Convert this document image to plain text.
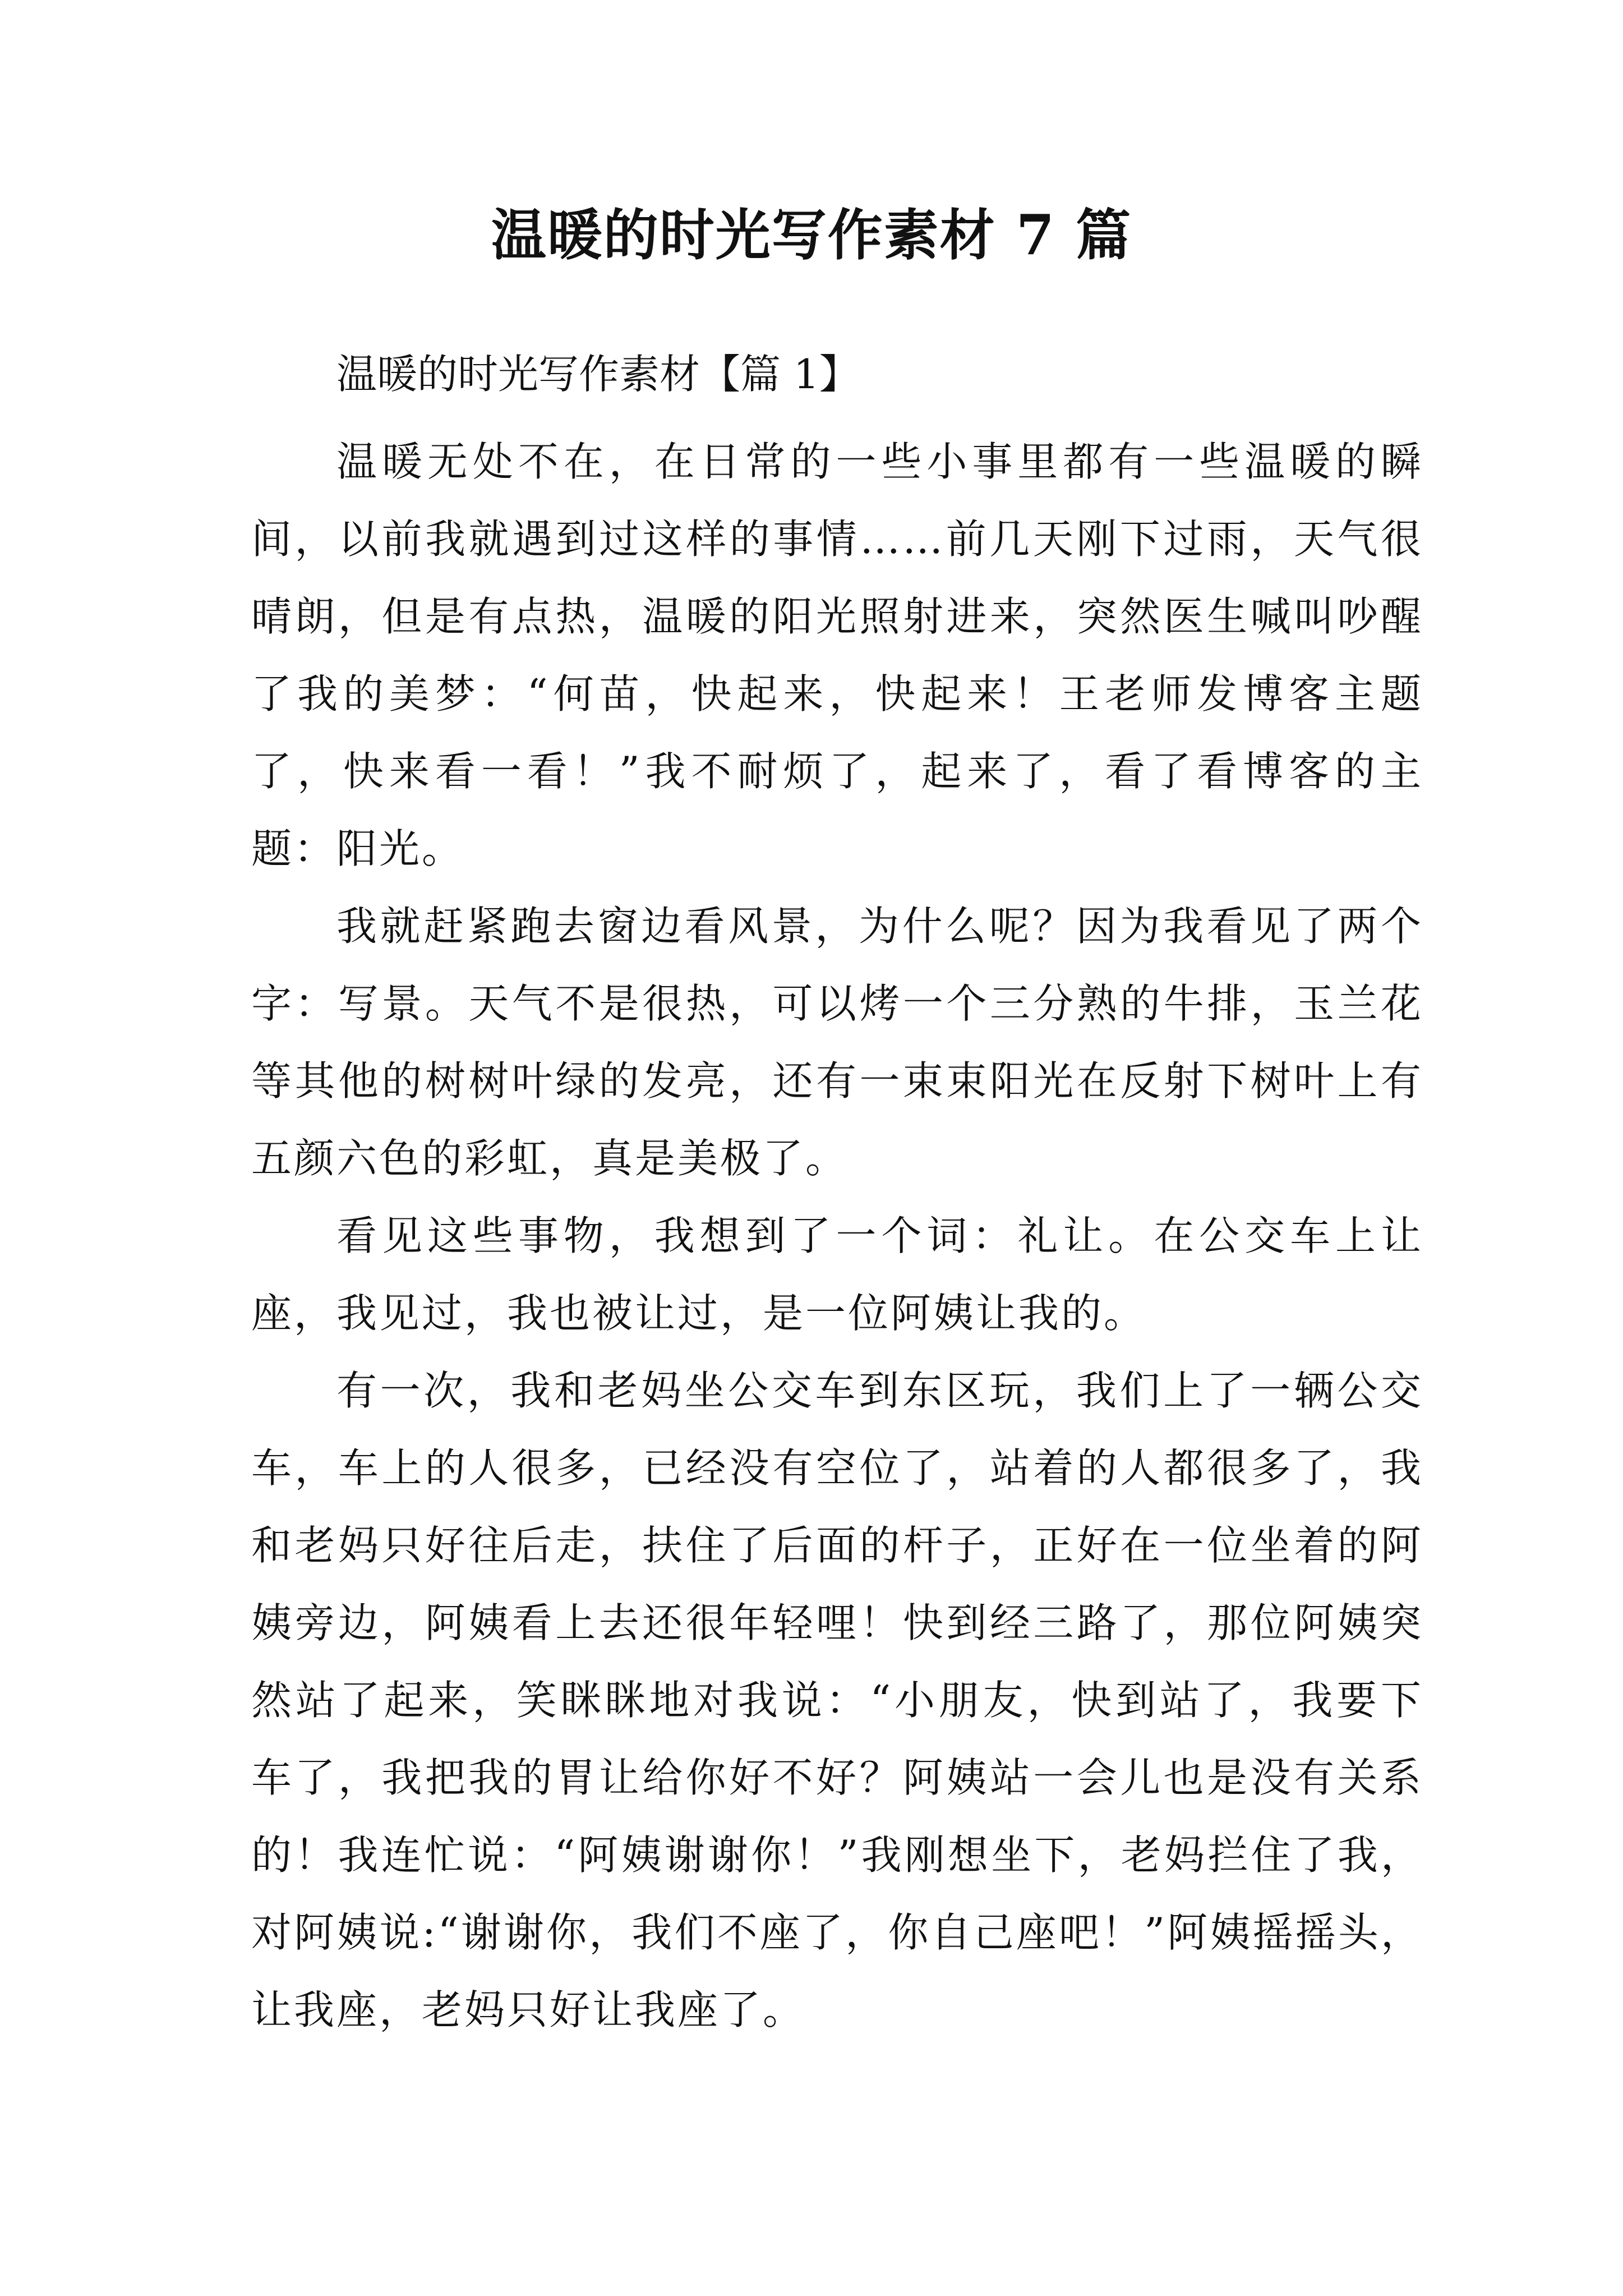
温暖的时光写作素材 7 篇
温暖的时光写作素材【篇 1】

温暖无处不在，在日常的一些小事里都有一些温暖的瞬间，以前我就遇到过这样的事情……前几天刚下过雨，天气很晴朗，但是有点热，温暖的阳光照射进来，突然医生喊叫吵醒了我的美梦：“何苗，快起来，快起来！王老师发博客主题了，快来看一看！”我不耐烦了，起来了，看了看博客的主题：阳光。

我就赶紧跑去窗边看风景，为什么呢？因为我看见了两个字：写景。天气不是很热，可以烤一个三分熟的牛排，玉兰花等其他的树树叶绿的发亮，还有一束束阳光在反射下树叶上有五颜六色的彩虹，真是美极了。

看见这些事物，我想到了一个词：礼让。在公交车上让座，我见过，我也被让过，是一位阿姨让我的。

有一次，我和老妈坐公交车到东区玩，我们上了一辆公交车，车上的人很多，已经没有空位了，站着的人都很多了，我和老妈只好往后走，扶住了后面的杆子，正好在一位坐着的阿姨旁边，阿姨看上去还很年轻哩！快到经三路了，那位阿姨突然站了起来，笑眯眯地对我说：“小朋友，快到站了，我要下车了，我把我的胃让给你好不好？阿姨站一会儿也是没有关系的！我连忙说：“阿姨谢谢你！”我刚想坐下，老妈拦住了我，对阿姨说:“谢谢你，我们不座了，你自己座吧！”阿姨摇摇头，让我座，老妈只好让我座了。
